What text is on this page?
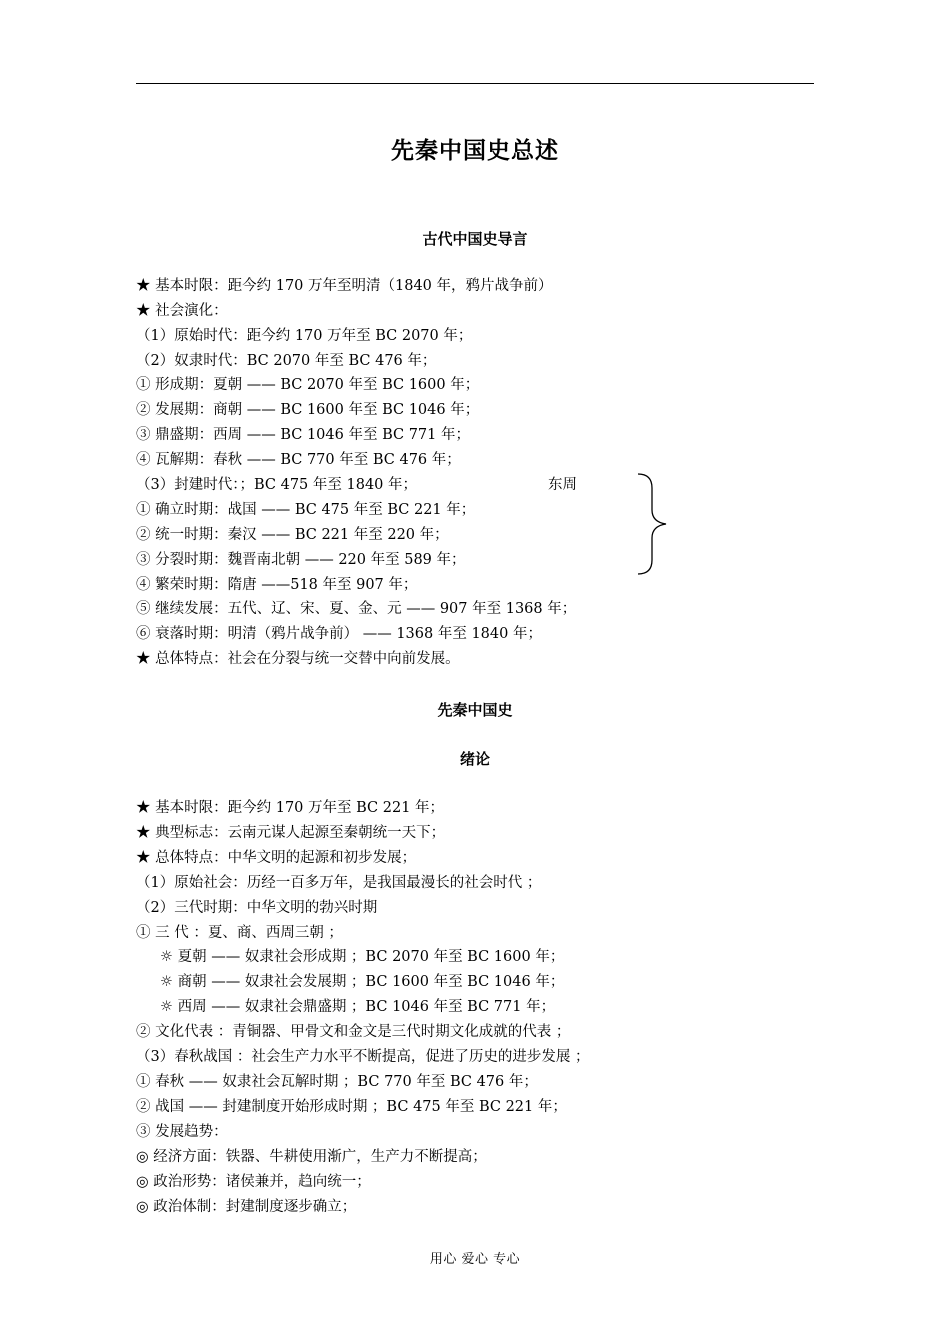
先秦中国史总述
古代中国史导言
★ 基本时限：距今约 170 万年至明清（1840 年，鸦片战争前）
★ 社会演化：
（1）原始时代：距今约 170 万年至 BC 2070 年；
（2）奴隶时代：BC 2070 年至 BC 476 年；
① 形成期：夏朝 —— BC 2070 年至 BC 1600 年；
② 发展期：商朝 —— BC 1600 年至 BC 1046 年；
③ 鼎盛期：西周 —— BC 1046 年至 BC 771 年；
④ 瓦解期：春秋 —— BC 770 年至 BC 476 年；
（3）封建时代：；BC 475 年至 1840 年；
① 确立时期：战国 —— BC 475 年至 BC 221 年；
② 统一时期：秦汉 —— BC 221 年至 220 年；
③ 分裂时期：魏晋南北朝 —— 220 年至 589 年；
④ 繁荣时期：隋唐 ——518 年至 907 年；
⑤ 继续发展：五代、辽、宋、夏、金、元 —— 907 年至 1368 年；
⑥ 衰落时期：明清（鸦片战争前） —— 1368 年至 1840 年；
★ 总体特点：社会在分裂与统一交替中向前发展。
东周
先秦中国史
绪论
★ 基本时限：距今约 170 万年至 BC 221 年；
★ 典型标志：云南元谋人起源至秦朝统一天下；
★ 总体特点：中华文明的起源和初步发展；
（1）原始社会：历经一百多万年，是我国最漫长的社会时代 ；
（2）三代时期：中华文明的勃兴时期
① 三 代 ：夏、商、西周三朝 ；
☼ 夏朝 —— 奴隶社会形成期 ；BC 2070 年至 BC 1600 年；
☼ 商朝 —— 奴隶社会发展期 ；BC 1600 年至 BC 1046 年；
☼ 西周 —— 奴隶社会鼎盛期 ；BC 1046 年至 BC 771 年；
② 文化代表 ：青铜器、甲骨文和金文是三代时期文化成就的代表 ；
（3）春秋战国 ：社会生产力水平不断提高，促进了历史的进步发展 ；
① 春秋 —— 奴隶社会瓦解时期 ；BC 770 年至 BC 476 年；
② 战国 —— 封建制度开始形成时期 ；BC 475 年至 BC 221 年；
③ 发展趋势：
◎ 经济方面：铁器、牛耕使用渐广，生产力不断提高；
◎ 政治形势：诸侯兼并，趋向统一；
◎ 政治体制：封建制度逐步确立；
用心 爱心 专心
